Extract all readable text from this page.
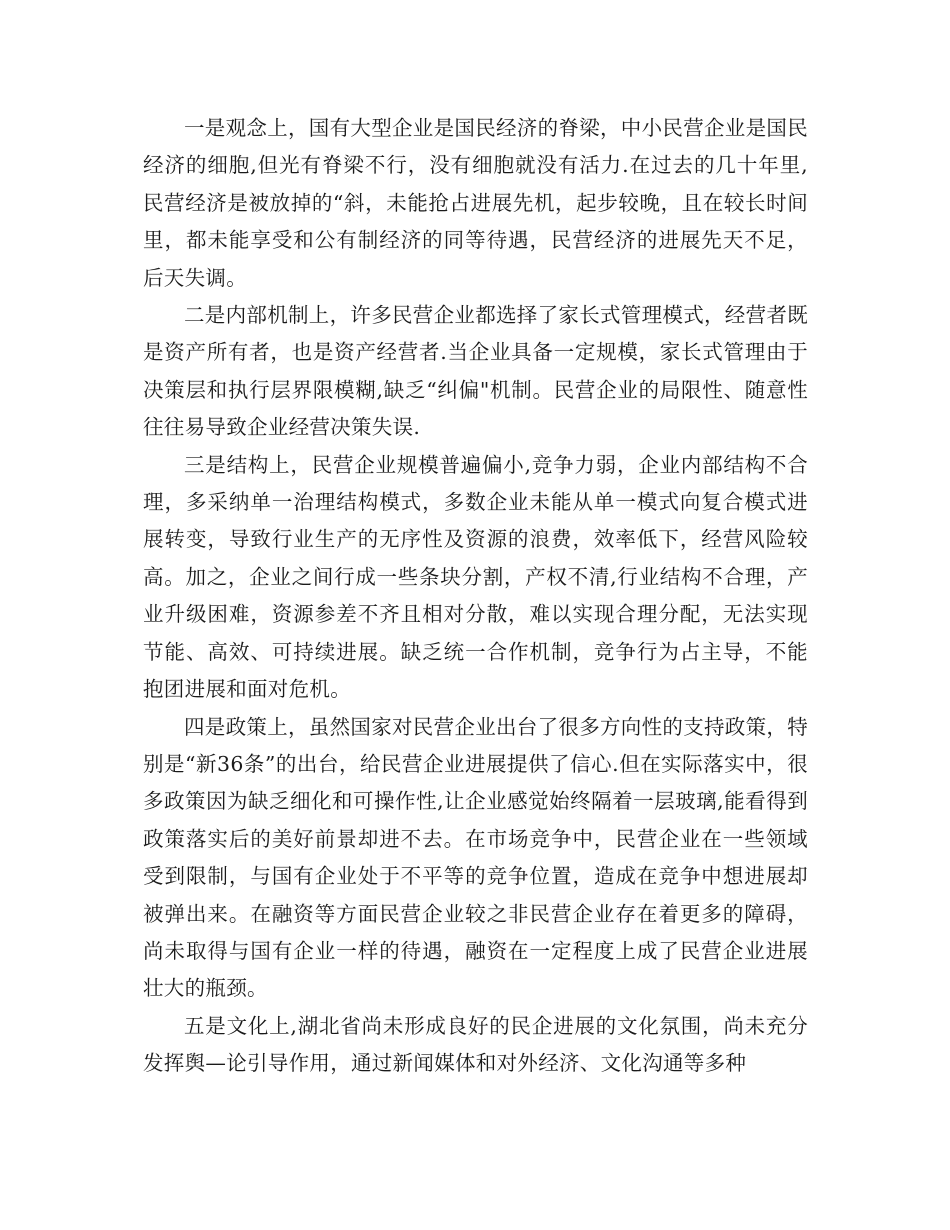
一是观念上，国有大型企业是国民经济的脊梁，中小民营企业是国民经济的细胞,但光有脊梁不行，没有细胞就没有活力.在过去的几十年里,民营经济是被放掉的“斜，未能抢占进展先机，起步较晚，且在较长时间里，都未能享受和公有制经济的同等待遇，民营经济的进展先天不足，后天失调。

二是内部机制上，许多民营企业都选择了家长式管理模式，经营者既是资产所有者，也是资产经营者.当企业具备一定规模，家长式管理由于决策层和执行层界限模糊,缺乏“纠偏"机制。民营企业的局限性、随意性往往易导致企业经营决策失误.

三是结构上，民营企业规模普遍偏小,竞争力弱，企业内部结构不合理，多采纳单一治理结构模式，多数企业未能从单一模式向复合模式进展转变，导致行业生产的无序性及资源的浪费，效率低下，经营风险较高。加之，企业之间行成一些条块分割，产权不清,行业结构不合理，产业升级困难，资源参差不齐且相对分散，难以实现合理分配，无法实现节能、高效、可持续进展。缺乏统一合作机制，竞争行为占主导，不能抱团进展和面对危机。

四是政策上，虽然国家对民营企业出台了很多方向性的支持政策，特别是“新36条”的出台，给民营企业进展提供了信心.但在实际落实中，很多政策因为缺乏细化和可操作性,让企业感觉始终隔着一层玻璃,能看得到政策落实后的美好前景却进不去。在市场竞争中，民营企业在一些领域受到限制，与国有企业处于不平等的竞争位置，造成在竞争中想进展却被弹出来。在融资等方面民营企业较之非民营企业存在着更多的障碍，尚未取得与国有企业一样的待遇，融资在一定程度上成了民营企业进展壮大的瓶颈。

五是文化上,湖北省尚未形成良好的民企进展的文化氛围，尚未充分发挥舆—论引导作用，通过新闻媒体和对外经济、文化沟通等多种
